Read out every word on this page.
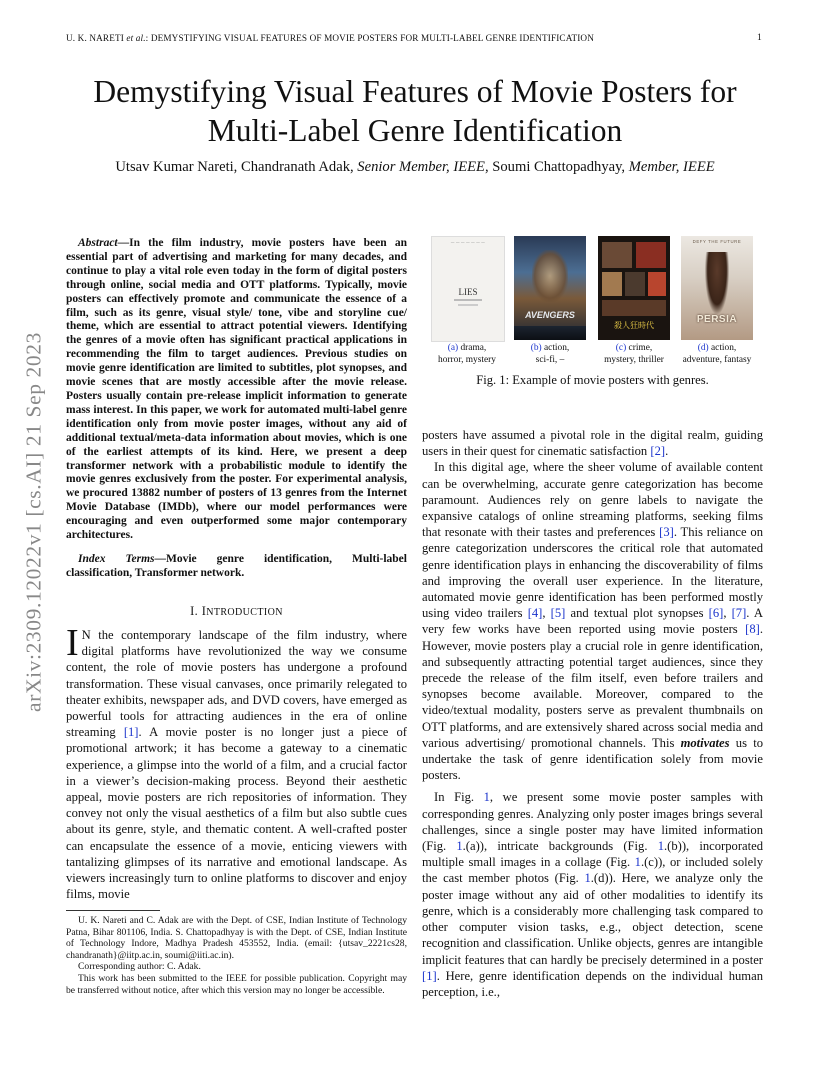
U. K. NARETI et al.: DEMYSTIFYING VISUAL FEATURES OF MOVIE POSTERS FOR MULTI-LABEL GENRE IDENTIFICATION	1
arXiv:2309.12022v1 [cs.AI] 21 Sep 2023
Demystifying Visual Features of Movie Posters for
Multi-Label Genre Identification
Utsav Kumar Nareti, Chandranath Adak, Senior Member, IEEE, Soumi Chattopadhyay, Member, IEEE

Abstract—In the film industry, movie posters have been an essential part of advertising and marketing for many decades, and continue to play a vital role even today in the form of digital posters through online, social media and OTT platforms. Typically, movie posters can effectively promote and communicate the essence of a film, such as its genre, visual style/ tone, vibe and storyline cue/ theme, which are essential to attract potential viewers. Identifying the genres of a movie often has significant practical applications in recommending the film to target audiences. Previous studies on movie genre identification are limited to subtitles, plot synopses, and movie scenes that are mostly accessible after the movie release. Posters usually contain pre-release implicit information to generate mass interest. In this paper, we work for automated multi-label genre identification only from movie poster images, without any aid of additional textual/meta-data information about movies, which is one of the earliest attempts of its kind. Here, we present a deep transformer network with a probabilistic module to identify the movie genres exclusively from the poster. For experimental analysis, we procured 13882 number of posters of 13 genres from the Internet Movie Database (IMDb), where our model performances were encouraging and even outperformed some major contemporary architectures.

Index Terms—Movie genre identification, Multi-label classification, Transformer network.

I. INTRODUCTION

I N the contemporary landscape of the film industry, where digital platforms have revolutionized the way we consume content, the role of movie posters has undergone a profound transformation. These visual canvases, once primarily relegated to theater exhibits, newspaper ads, and DVD covers, have emerged as powerful tools for attracting audiences in the era of online streaming [1]. A movie poster is no longer just a piece of promotional artwork; it has become a gateway to a cinematic experience, a glimpse into the world of a film, and a crucial factor in a viewer’s decision-making process. Beyond their aesthetic appeal, movie posters are rich repositories of information. They convey not only the visual aesthetics of a film but also subtle cues about its genre, style, and thematic content. A well-crafted poster can encapsulate the essence of a movie, enticing viewers with tantalizing glimpses of its narrative and emotional landscape. As viewers increasingly turn to online platforms to discover and enjoy films, movie

U. K. Nareti and C. Adak are with the Dept. of CSE, Indian Institute of Technology Patna, Bihar 801106, India. S. Chattopadhyay is with the Dept. of CSE, Indian Institute of Technology Indore, Madhya Pradesh 453552, India. (email: {utsav_2221cs28, chandranath}@iitp.ac.in, soumi@iiti.ac.in).

Corresponding author: C. Adak.

This work has been submitted to the IEEE for possible publication. Copyright may be transferred without notice, after which this version may no longer be accessible.

— — — — — — —
LIES
AVENGERS
殺人狂時代
DEFY THE FUTURE
PERSIA
(a) drama,
horror, mystery
(b) action,
sci-fi, –
(c) crime,
mystery, thriller
(d) action,
adventure, fantasy
Fig. 1: Example of movie posters with genres.

posters have assumed a pivotal role in the digital realm, guiding users in their quest for cinematic satisfaction [2].

In this digital age, where the sheer volume of available content can be overwhelming, accurate genre categorization has become paramount. Audiences rely on genre labels to navigate the expansive catalogs of online streaming platforms, seeking films that resonate with their tastes and preferences [3]. This reliance on genre categorization underscores the critical role that automated genre identification plays in enhancing the discoverability of films and improving the overall user experience. In the literature, automated movie genre identification has been performed mostly using video trailers [4], [5] and textual plot synopses [6], [7]. A very few works have been reported using movie posters [8]. However, movie posters play a crucial role in genre identification, and subsequently attracting potential target audiences, since they precede the release of the film itself, even before trailers and synopses become available. Moreover, compared to the video/textual modality, posters serve as prevalent thumbnails on OTT platforms, and are extensively shared across social media and various advertising/ promotional channels. This motivates us to undertake the task of genre identification solely from movie posters.

In Fig. 1, we present some movie poster samples with corresponding genres. Analyzing only poster images brings several challenges, since a single poster may have limited information (Fig. 1.(a)), intricate backgrounds (Fig. 1.(b)), incorporated multiple small images in a collage (Fig. 1.(c)), or included solely the cast member photos (Fig. 1.(d)). Here, we analyze only the poster image without any aid of other modalities to identify its genre, which is a considerably more challenging task compared to other computer vision tasks, e.g., object detection, scene recognition and classification. Unlike objects, genres are intangible implicit features that can hardly be precisely determined in a poster [1]. Here, genre identification depends on the individual human perception, i.e.,
